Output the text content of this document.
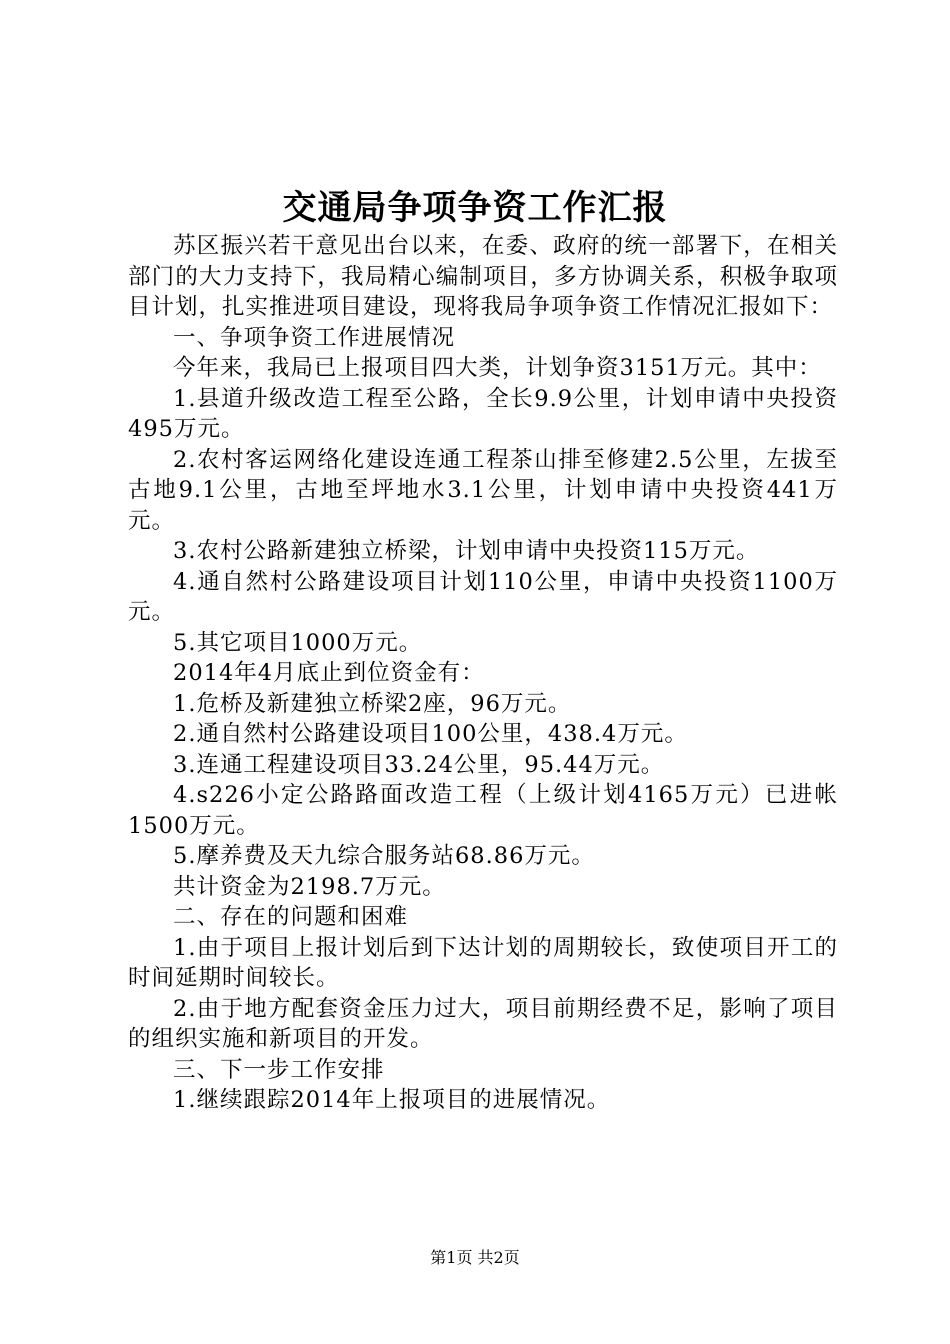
交通局争项争资工作汇报

苏区振兴若干意见出台以来，在委、政府的统一部署下，在相关部门的大力支持下，我局精心编制项目，多方协调关系，积极争取项目计划，扎实推进项目建设，现将我局争项争资工作情况汇报如下：

一、争项争资工作进展情况

今年来，我局已上报项目四大类，计划争资3151万元。其中：

1.县道升级改造工程至公路，全长9.9公里，计划申请中央投资495万元。

2.农村客运网络化建设连通工程茶山排至修建2.5公里，左拔至古地9.1公里，古地至坪地水3.1公里，计划申请中央投资441万元。

3.农村公路新建独立桥梁，计划申请中央投资115万元。

4.通自然村公路建设项目计划110公里，申请中央投资1100万元。

5.其它项目1000万元。

2014年4月底止到位资金有：

1.危桥及新建独立桥梁2座，96万元。

2.通自然村公路建设项目100公里，438.4万元。

3.连通工程建设项目33.24公里，95.44万元。

4.s226小定公路路面改造工程（上级计划4165万元）已进帐1500万元。

5.摩养费及天九综合服务站68.86万元。

共计资金为2198.7万元。

二、存在的问题和困难

1.由于项目上报计划后到下达计划的周期较长，致使项目开工的时间延期时间较长。

2.由于地方配套资金压力过大，项目前期经费不足，影响了项目的组织实施和新项目的开发。

三、下一步工作安排

1.继续跟踪2014年上报项目的进展情况。

第1页 共2页
